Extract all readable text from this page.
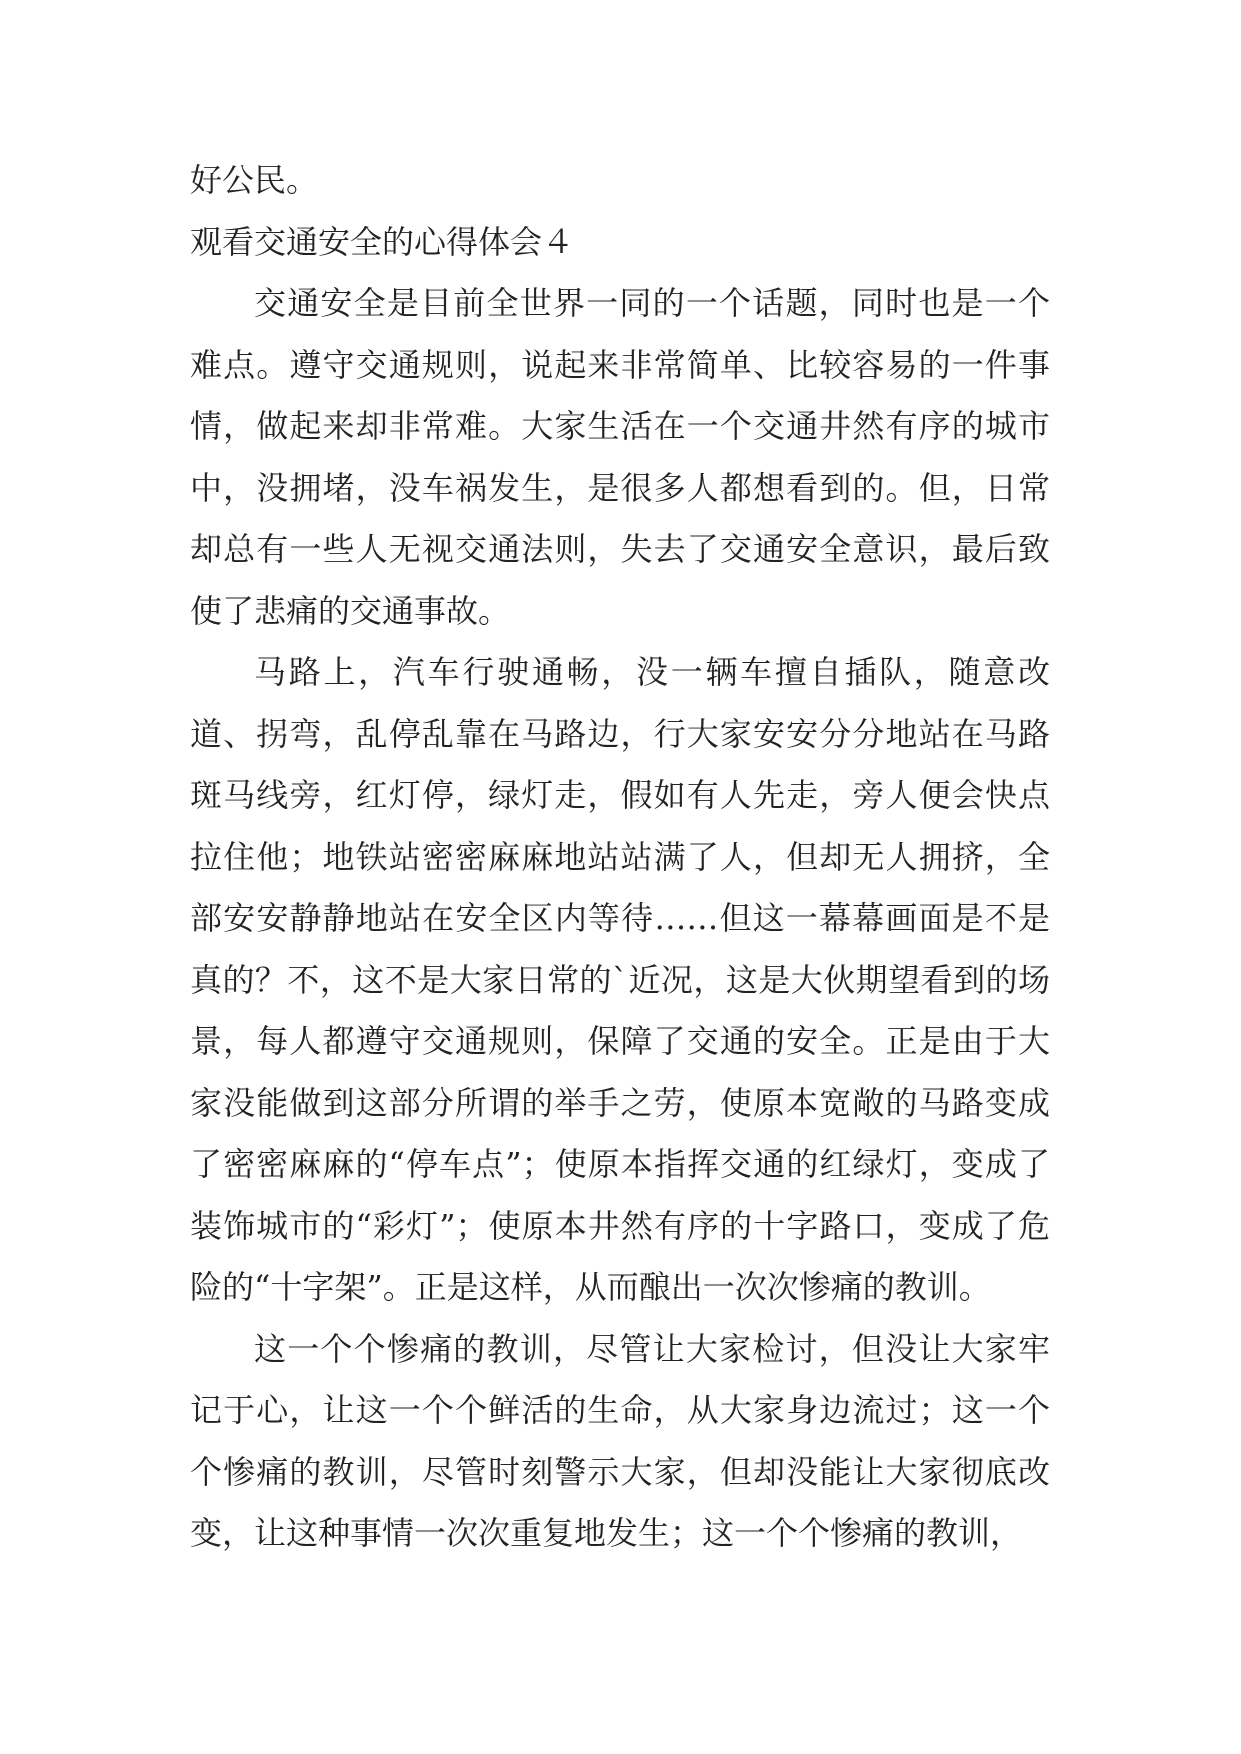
好公民。

观看交通安全的心得体会４

交通安全是目前全世界一同的一个话题，同时也是一个难点。遵守交通规则，说起来非常简单、比较容易的一件事情，做起来却非常难。大家生活在一个交通井然有序的城市中，没拥堵，没车祸发生，是很多人都想看到的。但，日常却总有一些人无视交通法则，失去了交通安全意识，最后致使了悲痛的交通事故。

马路上，汽车行驶通畅，没一辆车擅自插队，随意改道、拐弯，乱停乱靠在马路边，行大家安安分分地站在马路斑马线旁，红灯停，绿灯走，假如有人先走，旁人便会快点拉住他；地铁站密密麻麻地站站满了人，但却无人拥挤，全部安安静静地站在安全区内等待……但这一幕幕画面是不是真的？不，这不是大家日常的`近况，这是大伙期望看到的场景，每人都遵守交通规则，保障了交通的安全。正是由于大家没能做到这部分所谓的举手之劳，使原本宽敞的马路变成了密密麻麻的“停车点”；使原本指挥交通的红绿灯，变成了装饰城市的“彩灯”；使原本井然有序的十字路口，变成了危险的“十字架”。正是这样，从而酿出一次次惨痛的教训。

这一个个惨痛的教训，尽管让大家检讨，但没让大家牢记于心，让这一个个鲜活的生命，从大家身边流过；这一个个惨痛的教训，尽管时刻警示大家，但却没能让大家彻底改变，让这种事情一次次重复地发生；这一个个惨痛的教训，
